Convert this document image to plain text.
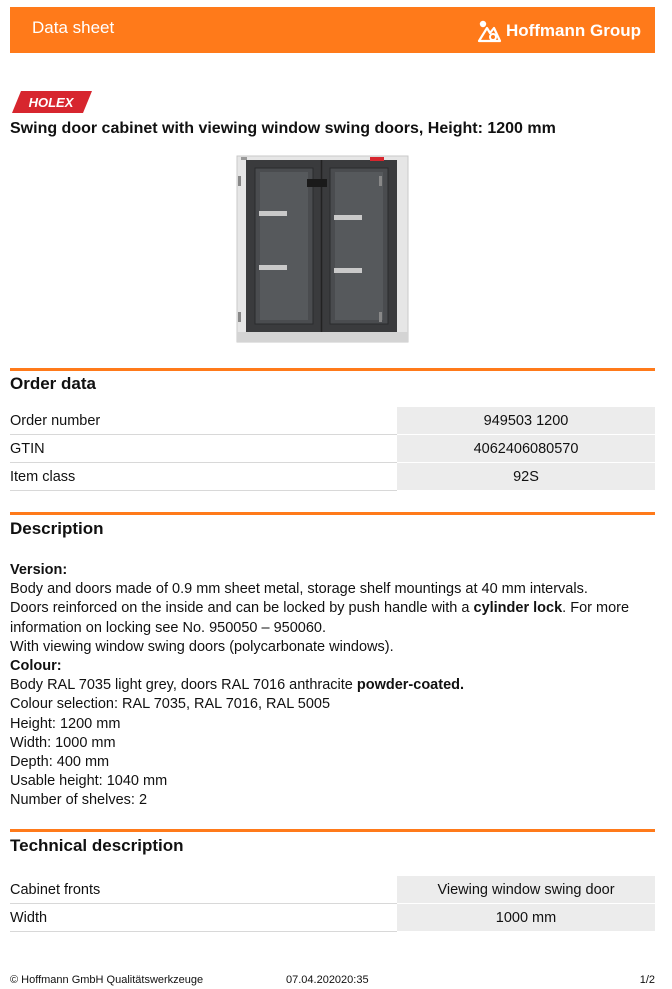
Data sheet	Hoffmann Group
HOLEX
Swing door cabinet with viewing window swing doors, Height: 1200 mm
Order data
Order number	949503 1200
GTIN	4062406080570
Item class	92S
Description
Version:
Body and doors made of 0.9 mm sheet metal, storage shelf mountings at 40 mm intervals.
Doors reinforced on the inside and can be locked by push handle with a cylinder lock. For more
information on locking see No. 950050 – 950060.
With viewing window swing doors (polycarbonate windows).
Colour:
Body RAL 7035 light grey, doors RAL 7016 anthracite powder-coated.
Colour selection: RAL 7035, RAL 7016, RAL 5005
Height: 1200 mm
Width: 1000 mm
Depth: 400 mm
Usable height: 1040 mm
Number of shelves: 2
Technical description
Cabinet fronts	Viewing window swing door
Width	1000 mm
© Hoffmann GmbH Qualitätswerkzeuge	07.04.202020:35	1/2
